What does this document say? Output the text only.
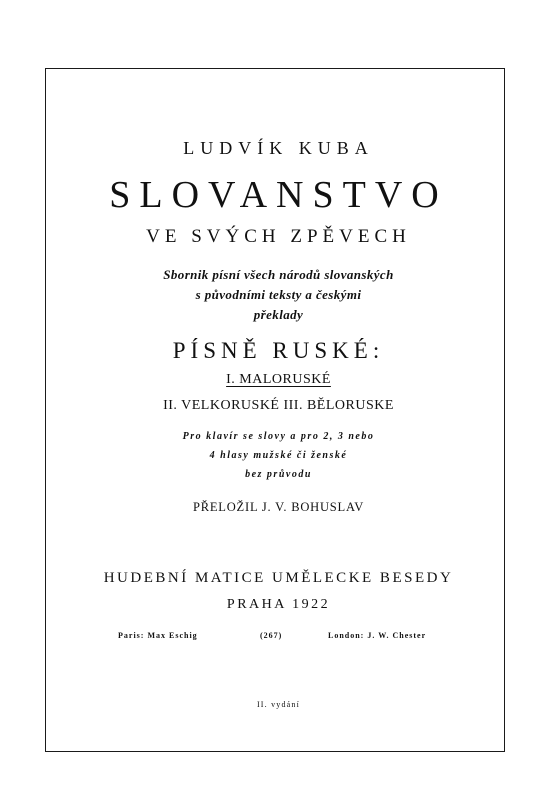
LUDVÍK KUBA
SLOVANSTVO
VE SVÝCH ZPĚVECH
Sbornik písní všech národů slovanských
s původními teksty a českými
překlady
PÍSNĚ RUSKÉ:
I. MALORUSKÉ
II. VELKORUSKÉ III. BĚLORUSKE
Pro klavír se slovy a pro 2, 3 nebo
4 hlasy mužské či ženské
bez průvodu
PŘELOŽIL J. V. BOHUSLAV
HUDEBNÍ MATICE UMĚLECKE BESEDY
PRAHA 1922
Paris: Max Eschig	(267)	London: J. W. Chester
II. vydání
